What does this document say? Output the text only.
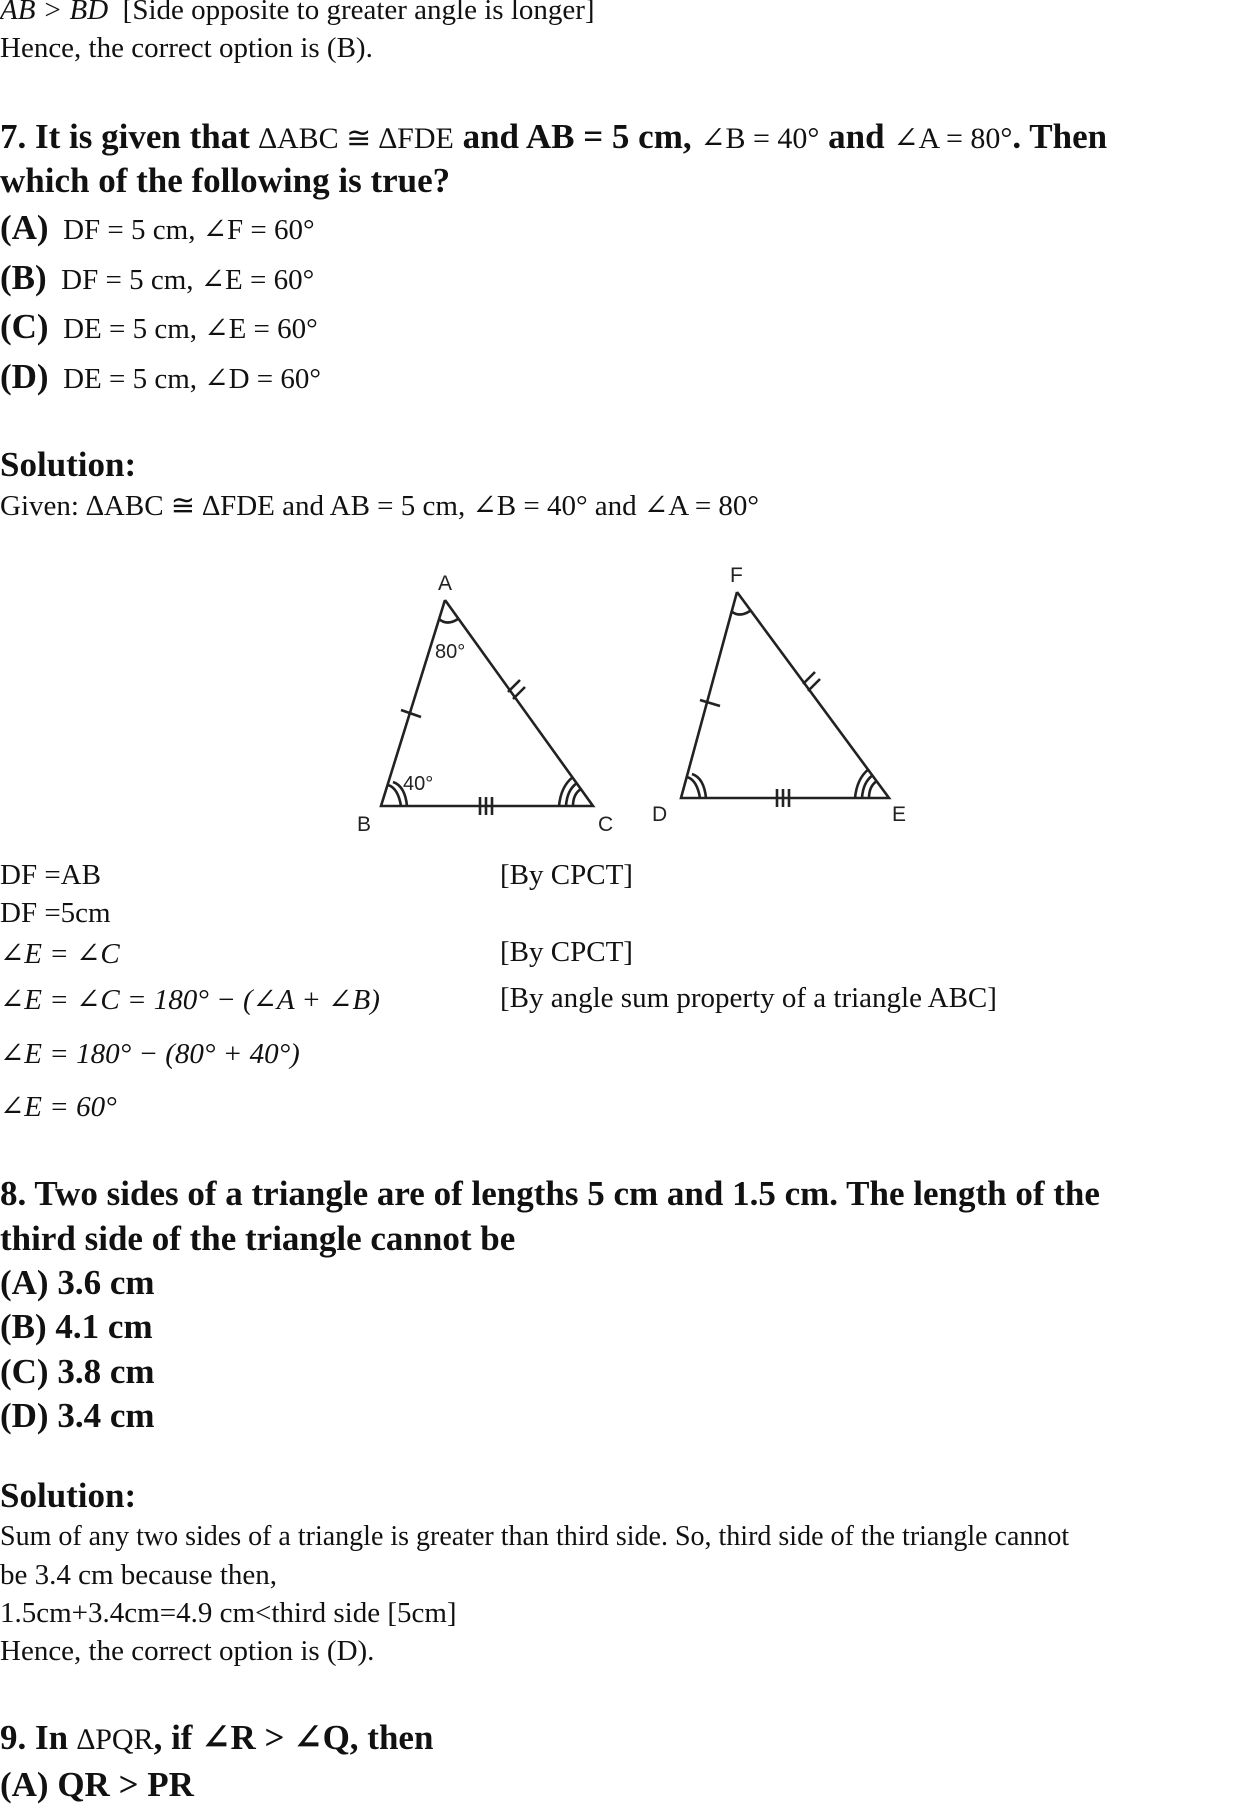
AB > BD [Side opposite to greater angle is longer]
Hence, the correct option is (B).
7. It is given that ∆ABC ≅ ∆FDE and AB = 5 cm, ∠B = 40° and ∠A = 80°. Then
which of the following is true?
(A) DF = 5 cm, ∠F = 60°
(B) DF = 5 cm, ∠E = 60°
(C) DE = 5 cm, ∠E = 60°
(D) DE = 5 cm, ∠D = 60°
Solution:
Given: ∆ABC ≅ ∆FDE and AB = 5 cm, ∠B = 40° and ∠A = 80°
A
B	C
F
D	E
80°
40°
DF =AB	[By CPCT]
DF =5cm
∠E = ∠C	[By CPCT]
∠E = ∠C = 180° − (∠A + ∠B)	[By angle sum property of a triangle ABC]
∠E = 180° − (80° + 40°)
∠E = 60°
8. Two sides of a triangle are of lengths 5 cm and 1.5 cm. The length of the
third side of the triangle cannot be
(A) 3.6 cm
(B) 4.1 cm
(C) 3.8 cm
(D) 3.4 cm
Solution:
Sum of any two sides of a triangle is greater than third side. So, third side of the triangle cannot
be 3.4 cm because then,
1.5cm+3.4cm=4.9 cm<third side [5cm]
Hence, the correct option is (D).
9. In ∆PQR, if ∠R > ∠Q, then
(A) QR > PR
